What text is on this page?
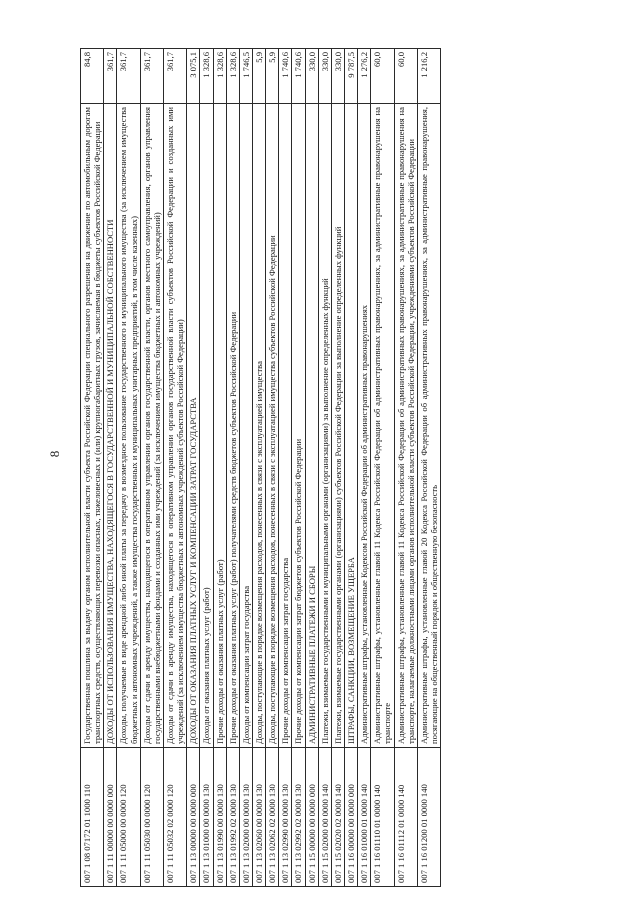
8
007 1 08 07172 01 1000 110	Государственная пошлина за выдачу органом исполнительной власти субъекта Российской Федерации специального разрешения на движение по автомобильным дорогам транспортных средств, осуществляющих перевозки опасных, тяжеловесных и (или) крупногабаритных грузов, зачисляемая в бюджеты субъектов Российской Федерации	84,8
007 1 11 00000 00 0000 000	ДОХОДЫ ОТ ИСПОЛЬЗОВАНИЯ ИМУЩЕСТВА, НАХОДЯЩЕГОСЯ В ГОСУДАРСТВЕННОЙ И МУНИЦИПАЛЬНОЙ СОБСТВЕННОСТИ	361,7
007 1 11 05000 00 0000 120	Доходы, получаемые в виде арендной либо иной платы за передачу в возмездное пользование государственного и муниципального имущества (за исключением имущества бюджетных и автономных учреждений, а также имущества государственных и муниципальных унитарных предприятий, в том числе казенных)	361,7
007 1 11 05030 00 0000 120	Доходы от сдачи в аренду имущества, находящегося в оперативном управлении органов государственной власти, органов местного самоуправления, органов управления государственными внебюджетными фондами и созданных ими учреждений (за исключением имущества бюджетных и автономных учреждений)	361,7
007 1 11 05032 02 0000 120	Доходы от сдачи в аренду имущества, находящегося в оперативном управлении органов государственной власти субъектов Российской Федерации и созданных ими учреждений (за исключением имущества бюджетных и автономных учреждений субъектов Российской Федерации)	361,7
007 1 13 00000 00 0000 000	ДОХОДЫ ОТ ОКАЗАНИЯ ПЛАТНЫХ УСЛУГ И КОМПЕНСАЦИИ ЗАТРАТ ГОСУДАРСТВА	3 075,1
007 1 13 01000 00 0000 130	Доходы от оказания платных услуг (работ)	1 328,6
007 1 13 01990 00 0000 130	Прочие доходы от оказания платных услуг (работ)	1 328,6
007 1 13 01992 02 0000 130	Прочие доходы от оказания платных услуг (работ) получателями средств бюджетов субъектов Российской Федерации	1 328,6
007 1 13 02000 00 0000 130	Доходы от компенсации затрат государства	1 746,5
007 1 13 02060 00 0000 130	Доходы, поступающие в порядке возмещения расходов, понесенных в связи с эксплуатацией имущества	5,9
007 1 13 02062 02 0000 130	Доходы, поступающие в порядке возмещения расходов, понесенных в связи с эксплуатацией имущества субъектов Российской Федерации	5,9
007 1 13 02990 00 0000 130	Прочие доходы от компенсации затрат государства	1 740,6
007 1 13 02992 02 0000 130	Прочие доходы от компенсации затрат бюджетов субъектов Российской Федерации	1 740,6
007 1 15 00000 00 0000 000	АДМИНИСТРАТИВНЫЕ ПЛАТЕЖИ И СБОРЫ	330,0
007 1 15 02000 00 0000 140	Платежи, взимаемые государственными и муниципальными органами (организациями) за выполнение определенных функций	330,0
007 1 15 02020 02 0000 140	Платежи, взимаемые государственными органами (организациями) субъектов Российской Федерации за выполнение определенных функций	330,0
007 1 16 00000 00 0000 000	ШТРАФЫ, САНКЦИИ, ВОЗМЕЩЕНИЕ УЩЕРБА	9 787,5
007 1 16 01000 01 0000 140	Административные штрафы, установленные Кодексом Российской Федерации об административных правонарушениях	1 276,2
007 1 16 01110 01 0000 140	Административные штрафы, установленные главой 11 Кодекса Российской Федерации об административных правонарушениях, за административные правонарушения на транспорте	60,0
007 1 16 01112 01 0000 140	Административные штрафы, установленные главой 11 Кодекса Российской Федерации об административных правонарушениях, за административные правонарушения на транспорте, налагаемые должностными лицами органов исполнительной власти субъектов Российской Федерации, учреждениями субъектов Российской Федерации	60,0
007 1 16 01200 01 0000 140	Административные штрафы, установленные главой 20 Кодекса Российской Федерации об административных правонарушениях, за административные правонарушения, посягающие на общественный порядок и общественную безопасность	1 216,2
